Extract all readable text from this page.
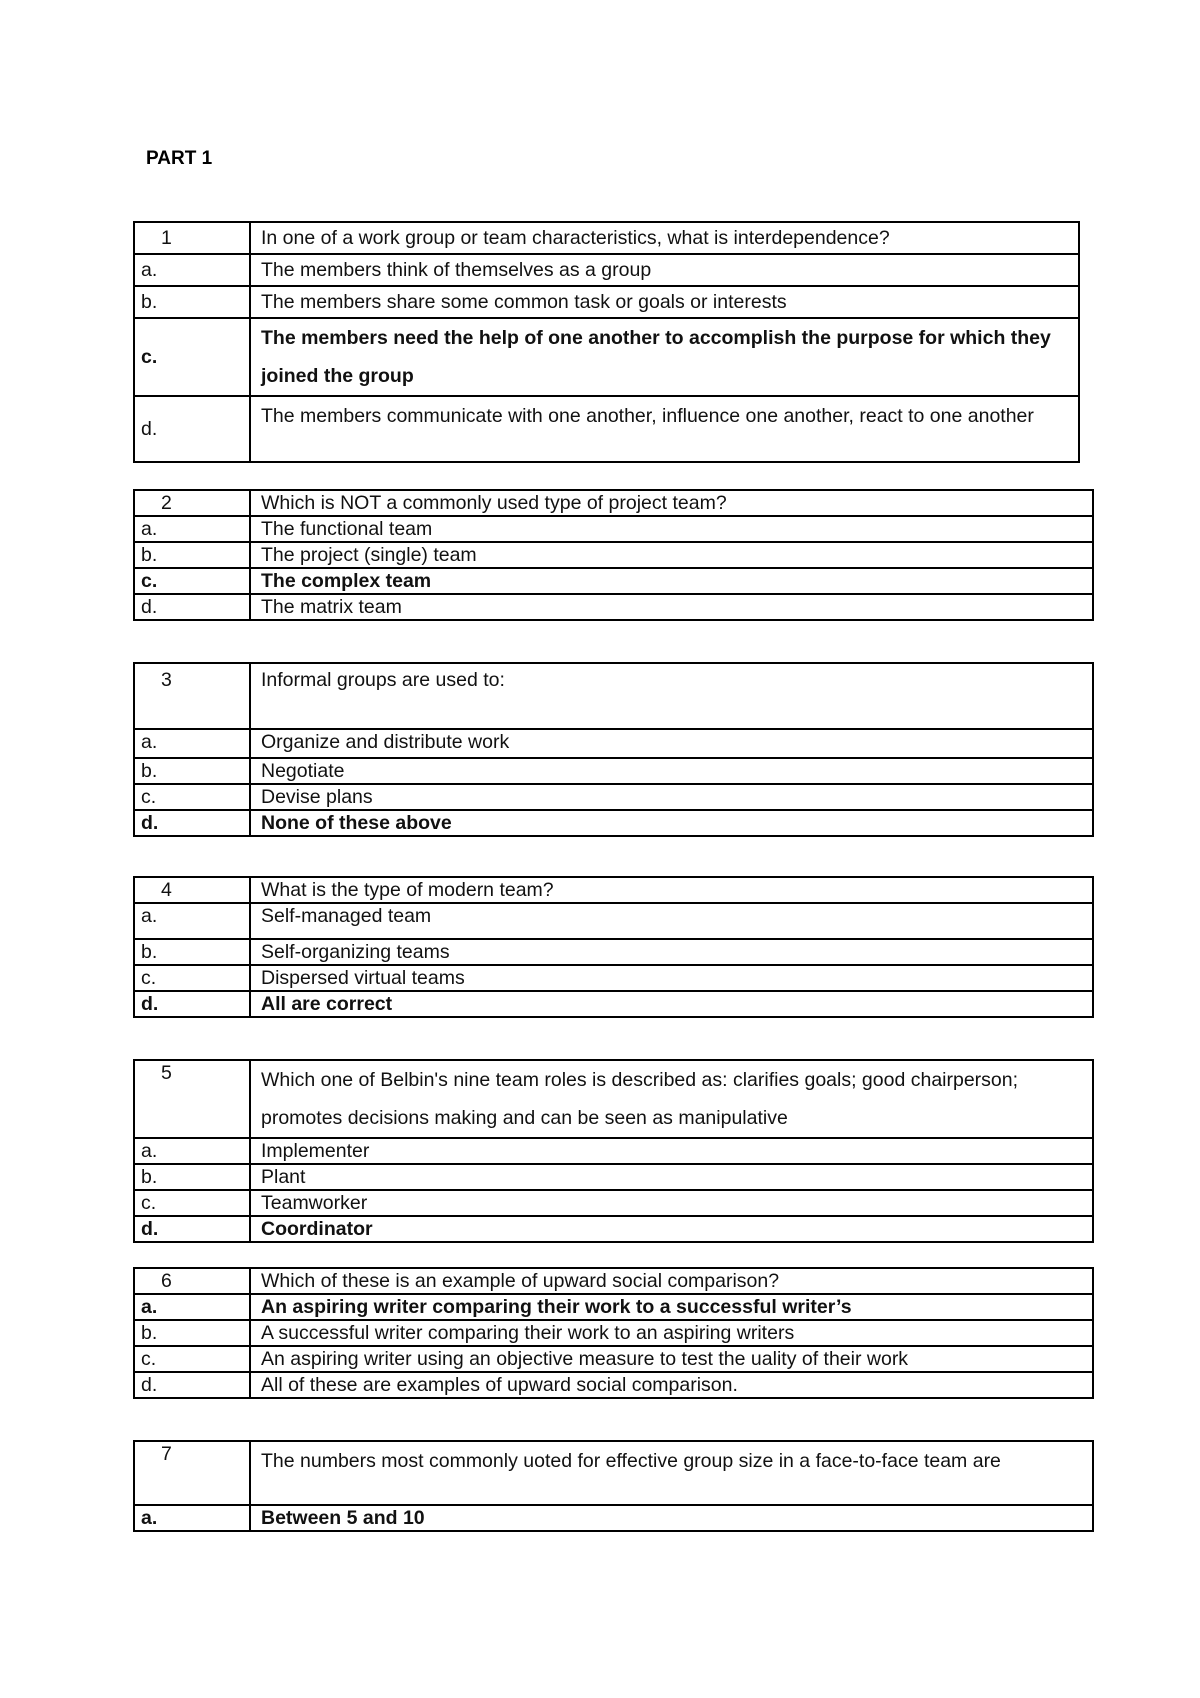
PART 1
1	In one of a work group or team characteristics, what is interdependence?
a.	The members think of themselves as a group
b.	The members share some common task or goals or interests
c.	The members need the help of one another to accomplish the purpose for which they joined the group
d.	The members communicate with one another, influence one another, react to one another
2	Which is NOT a commonly used type of project team?
a.	The functional team
b.	The project (single) team
c.	The complex team
d.	The matrix team
3	Informal groups are used to:
a.	Organize and distribute work
b.	Negotiate
c.	Devise plans
d.	None of these above
4	What is the type of modern team?
a.	Self-managed team
b.	Self-organizing teams
c.	Dispersed virtual teams
d.	All are correct
5	Which one of Belbin's nine team roles is described as: clarifies goals; good chairperson; promotes decisions making and can be seen as manipulative
a.	Implementer
b.	Plant
c.	Teamworker
d.	Coordinator
6	Which of these is an example of upward social comparison?
a.	An aspiring writer comparing their work to a successful writer’s
b.	A successful writer comparing their work to an aspiring writers
c.	An aspiring writer using an objective measure to test the uality of their work
d.	All of these are examples of upward social comparison.
7	The numbers most commonly uoted for effective group size in a face-to-face team are
a.	Between 5 and 10
